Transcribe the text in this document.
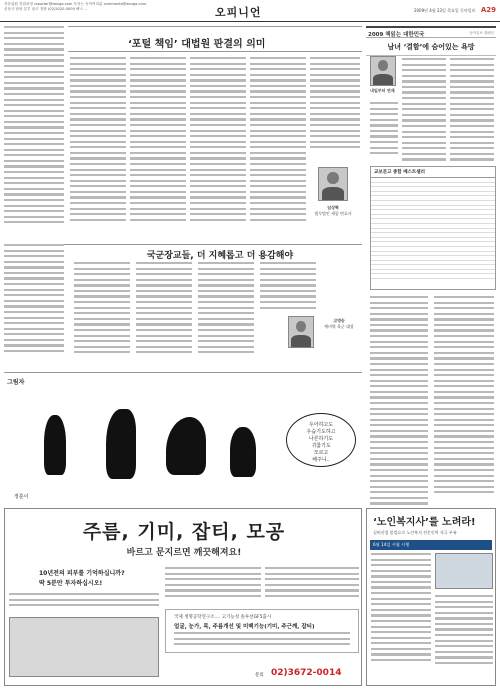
자문위원 전화과정 reporter@donga.com 독자는 독자여러분 comments@donga.com
신문사 담당 본부 광고 전화 (02)2020-0000 팩스 ...	오피니언	2009년 4월 23일 목요일 동아일보 A29
‘포털 책임’ 대법원 판결의 의미
임상혁
법무법인 세종 변호사
국군장교들, 더 지혜롭고 더 용감해야
고영승
예비역 육군 대장
그림자
우아하고도
우습기도하고
나른하기도
귀찮기도
모르고
해주니..
정훈이
2009 책읽는 대한민국	동아일보 캠페인
남녀 ‘결함’에 숨어있는 욕망
내일부터 연재
교보문고 종합 베스트셀러
주름, 기미, 잡티, 모공
바르고 문지르면 깨끗해져요!
10년전의 피부를 기억하십니까?
딱 5분만 투자하십시오!
국제 생명공학연구소.... 고기능성 솔루션GF5출시
얼굴, 눈가, 목, 주름개선 및 미백기능(기미, 주근깨, 잡티)
문의 02)3672-0014
‘노인복지사’를 노려라!
실버산업 붐업으로 노인복지 전문인력 적극 부족
6월 14일 시험 시행
